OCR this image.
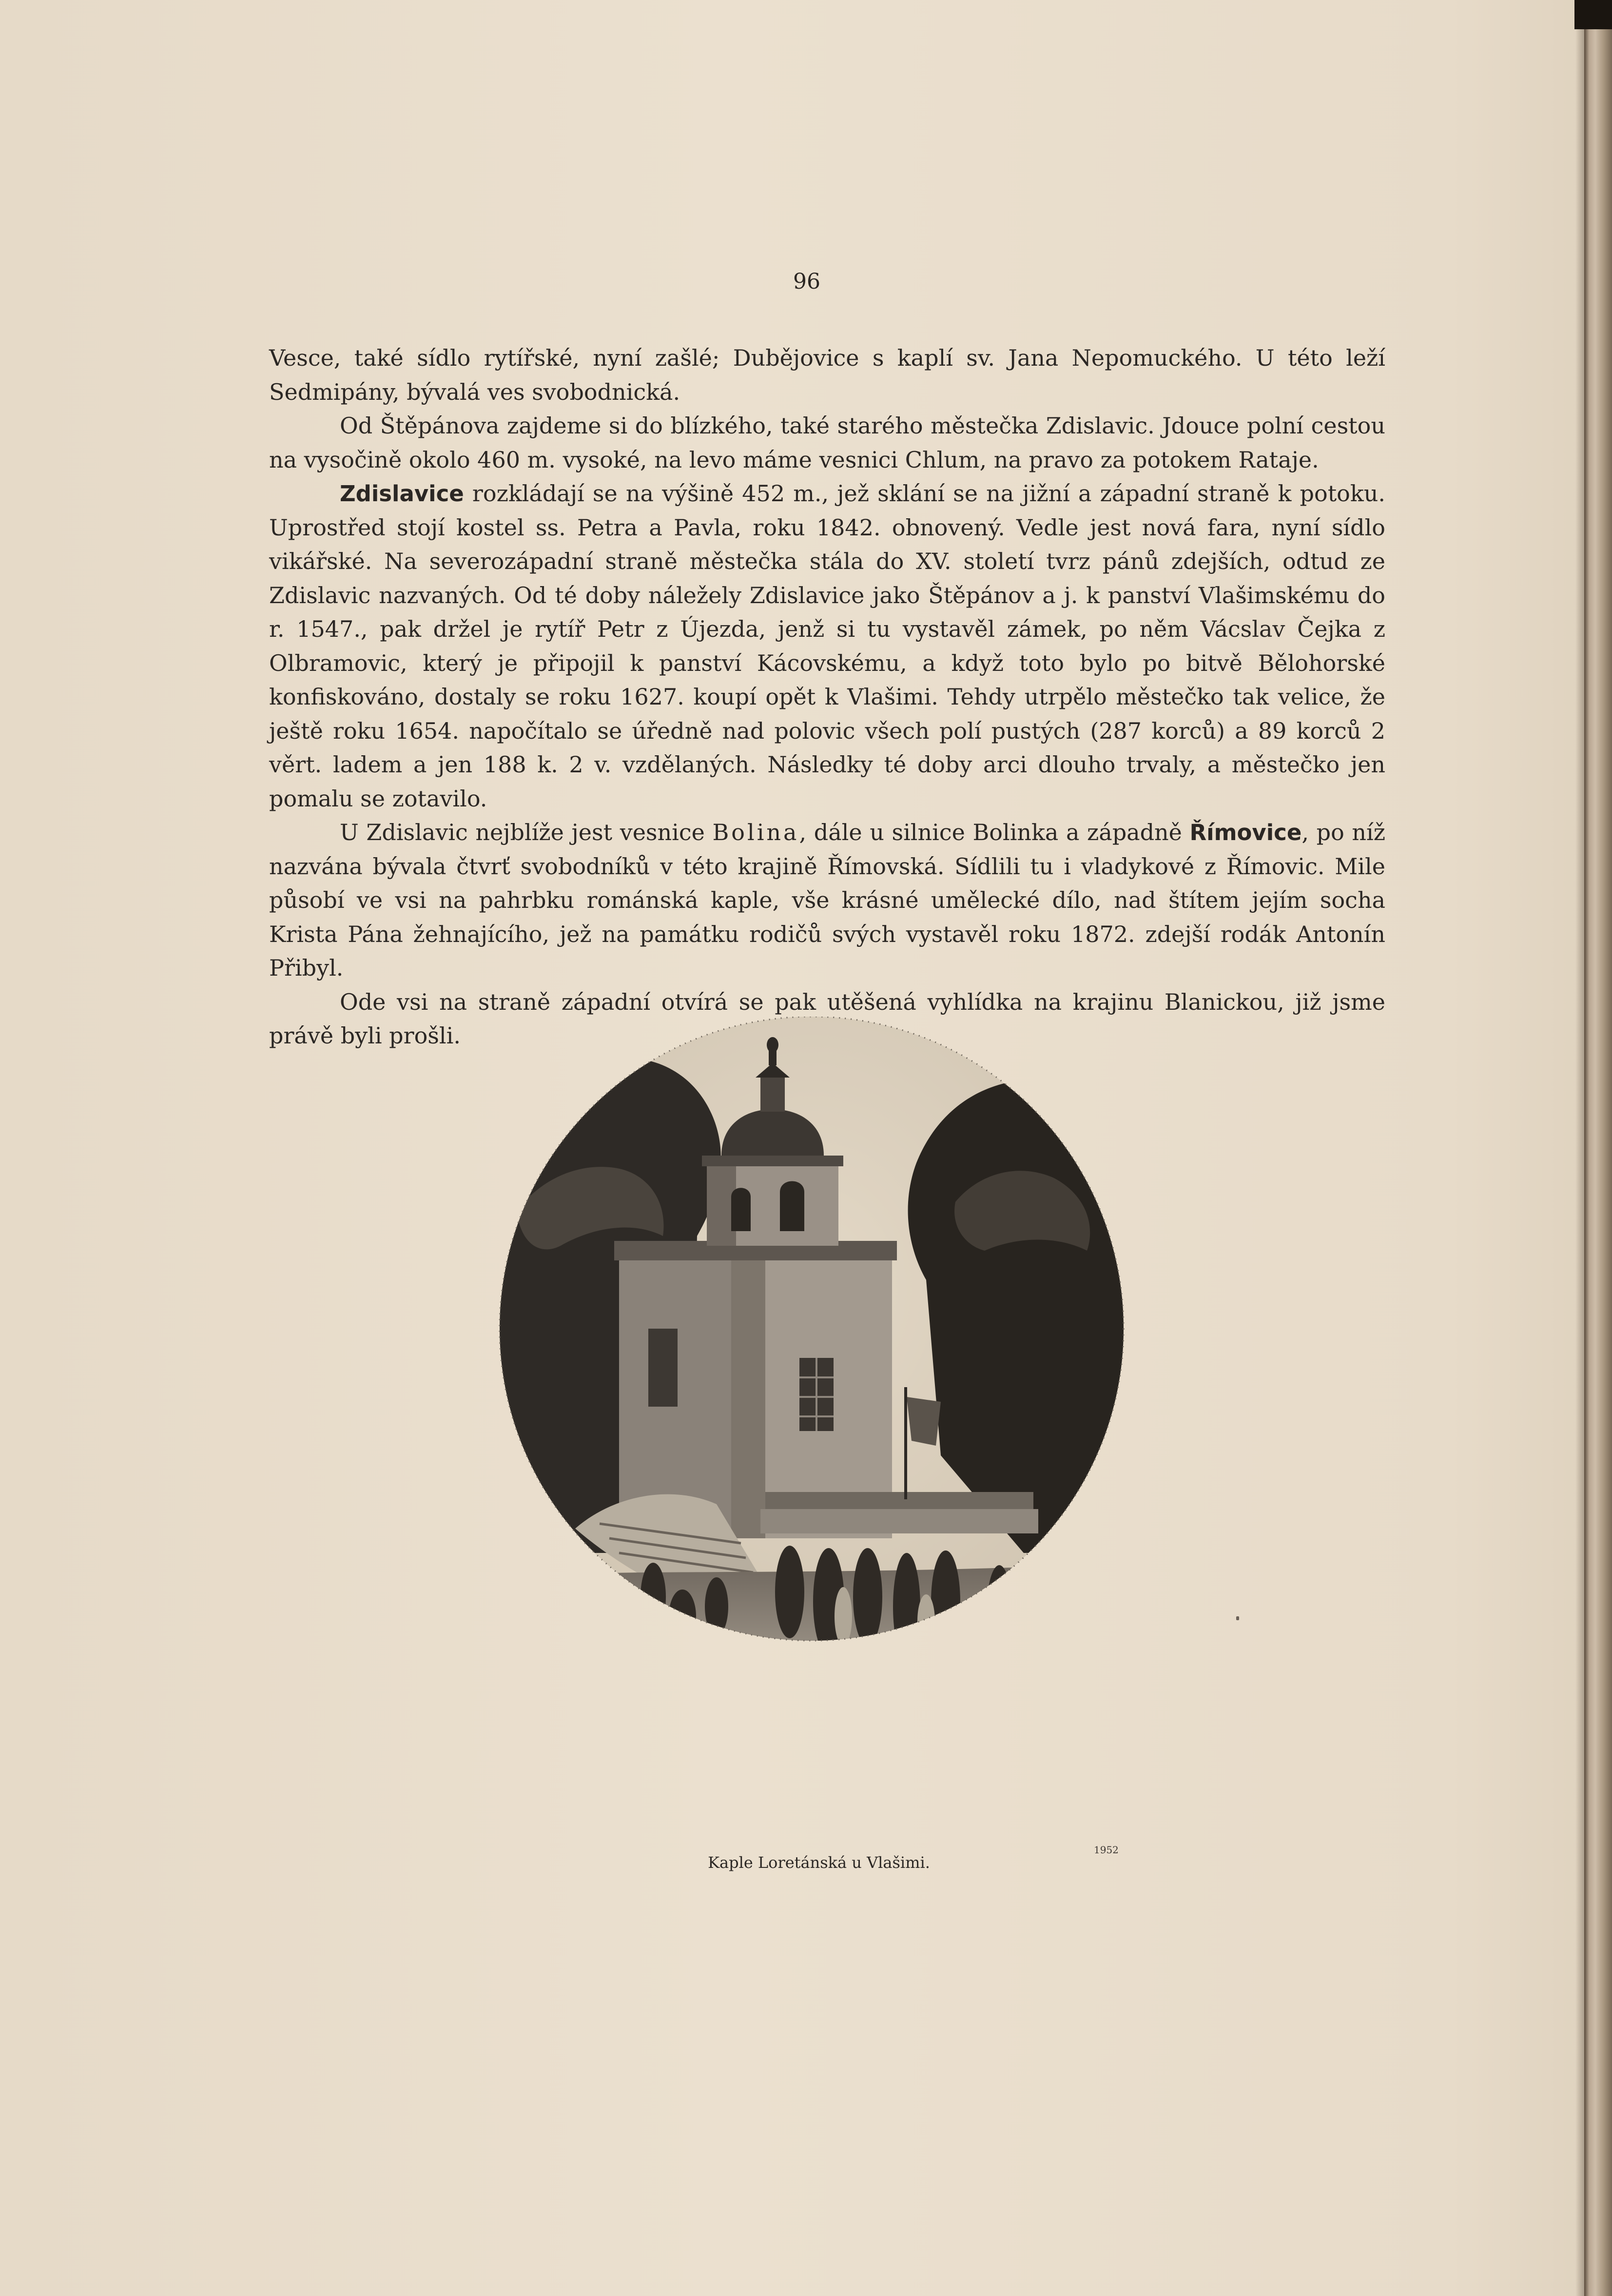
96

Vesce, také sídlo rytířské, nyní zašlé; Dubějovice s kaplí sv. Jana Nepomuckého. U této leží Sedmipány, bývalá ves svobodnická.

Od Štěpánova zajdeme si do blízkého, také starého městečka Zdislavic. Jdouce polní cestou na vysočině okolo 460 m. vysoké, na levo máme vesnici Chlum, na pravo za potokem Rataje.

Zdislavice rozkládají se na výšině 452 m., jež sklání se na jižní a západní straně k potoku. Uprostřed stojí kostel ss. Petra a Pavla, roku 1842. obnovený. Vedle jest nová fara, nyní sídlo vikářské. Na severozápadní straně městečka stála do XV. století tvrz pánů zdejších, odtud ze Zdislavic nazvaných. Od té doby náležely Zdislavice jako Štěpánov a j. k panství Vlašimskému do r. 1547., pak držel je rytíř Petr z Újezda, jenž si tu vystavěl zámek, po něm Vácslav Čejka z Olbramovic, který je připojil k panství Kácovskému, a když toto bylo po bitvě Bělohorské konfiskováno, dostaly se roku 1627. koupí opět k Vlašimi. Tehdy utrpělo městečko tak velice, že ještě roku 1654. napočítalo se úředně nad polovic všech polí pustých (287 korců) a 89 korců 2 věrt. ladem a jen 188 k. 2 v. vzdělaných. Následky té doby arci dlouho trvaly, a městečko jen pomalu se zotavilo.

U Zdislavic nejblíže jest vesnice Bolina, dále u silnice Bolinka a západně Římovice, po níž nazvána bývala čtvrť svobodníků v této krajině Římovská. Sídlili tu i vladykové z Římovic. Mile působí ve vsi na pahrbku románská kaple, vše krásné umělecké dílo, nad štítem jejím socha Krista Pána žehnajícího, jež na památku rodičů svých vystavěl roku 1872. zdejší rodák Antonín Přibyl.

Ode vsi na straně západní otvírá se pak utěšená vyhlídka na krajinu Blanickou, již jsme právě byli prošli.

Kaple Loretánská u Vlašimi.
1952
